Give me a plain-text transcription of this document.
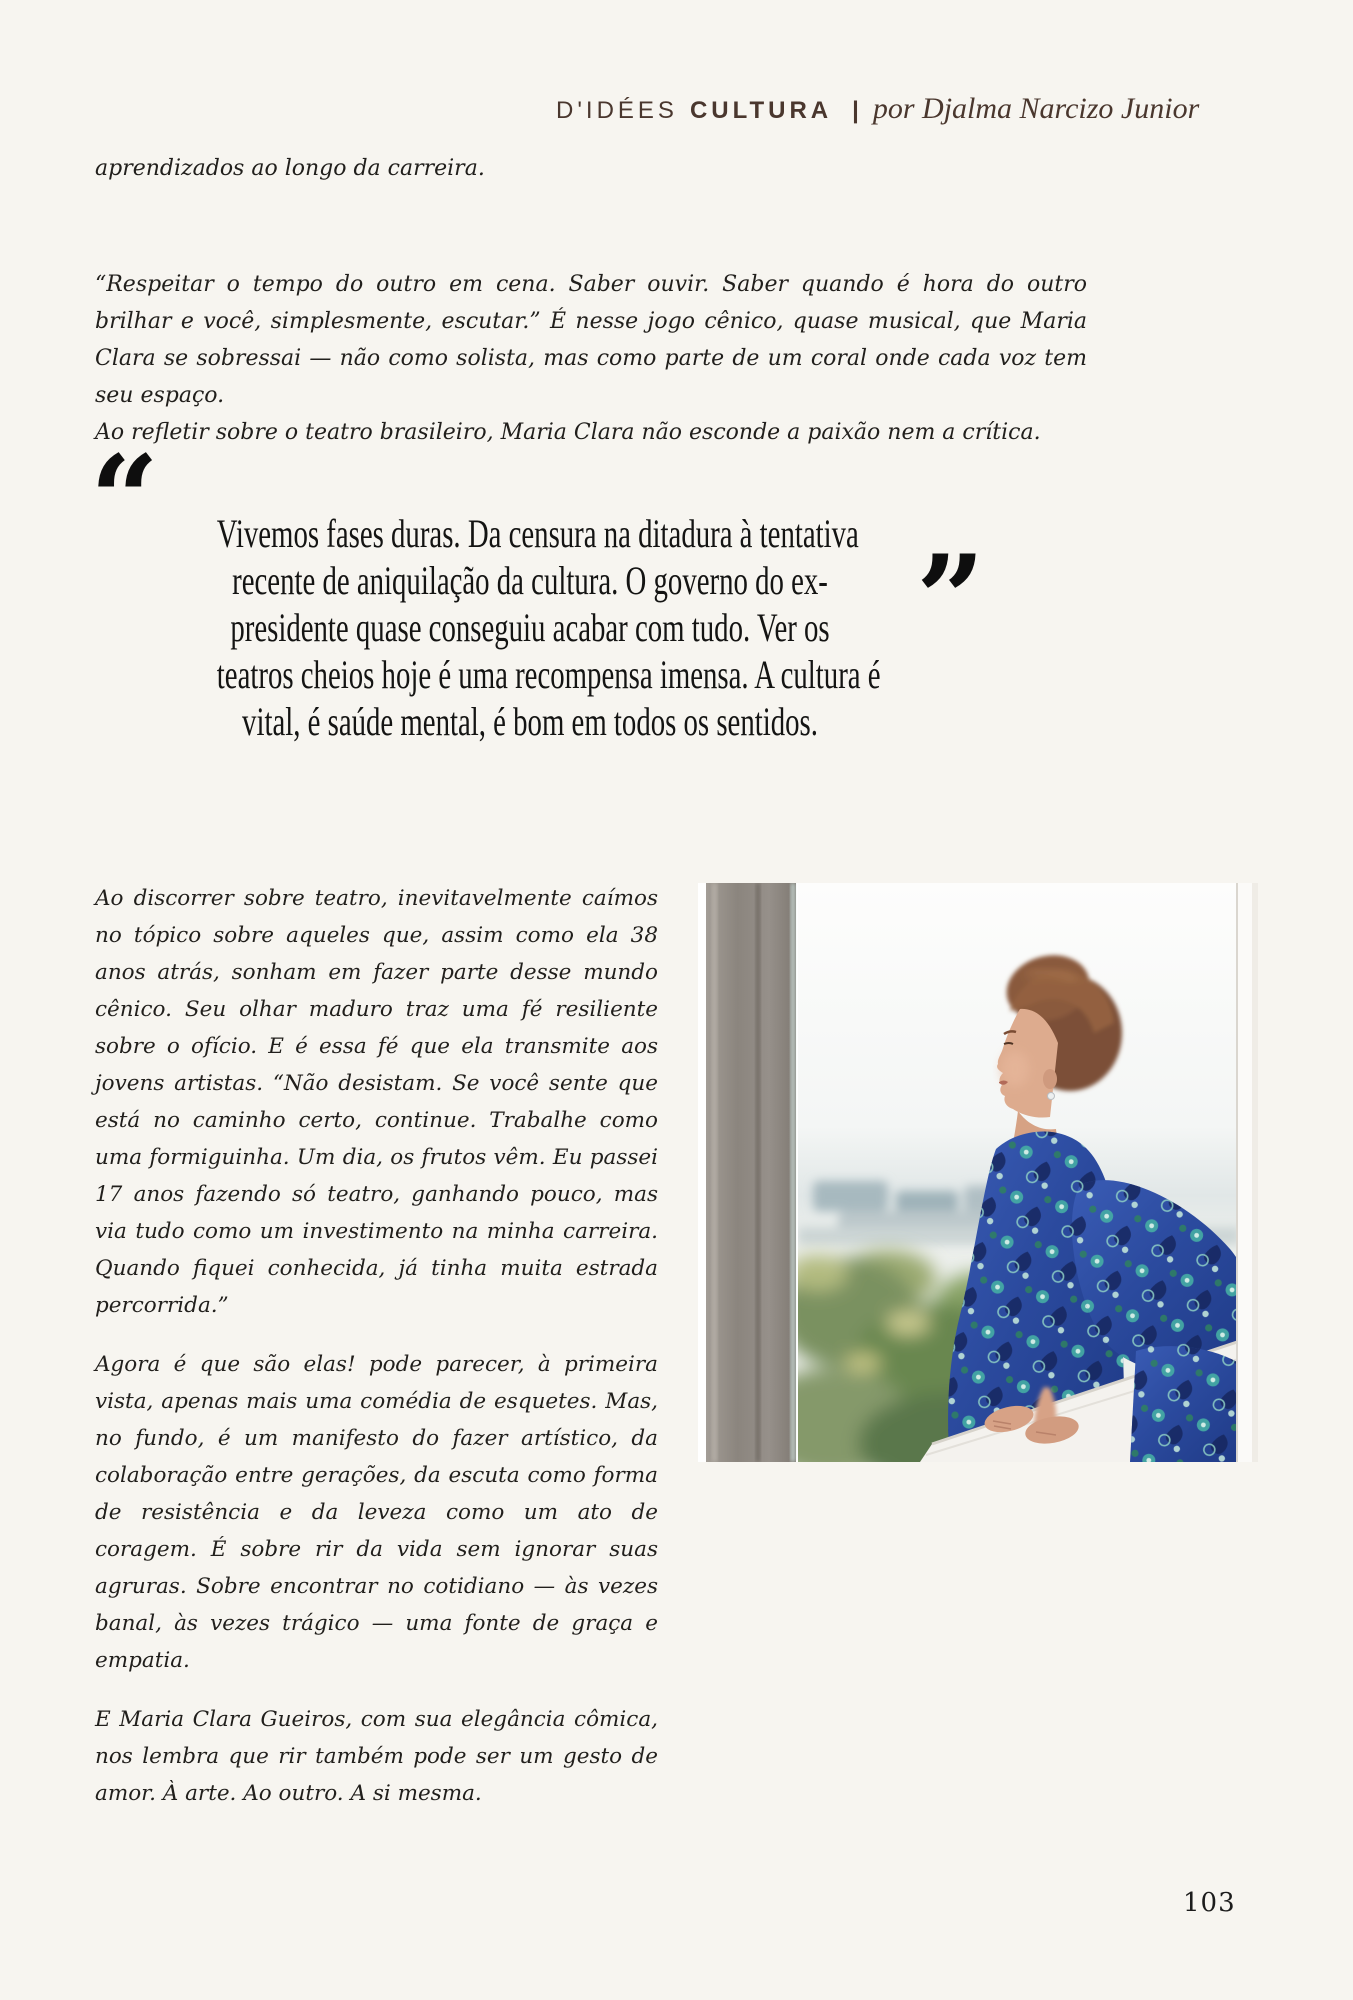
D'IDÉES CULTURA | por Djalma Narcizo Junior
aprendizados ao longo da carreira.
“Respeitar o tempo do outro em cena. Saber ouvir. Saber quando é hora do outro brilhar e você, simplesmente, escutar.” É nesse jogo cênico, quase musical, que Maria Clara se sobressai — não como solista, mas como parte de um coral onde cada voz tem seu espaço.
Ao refletir sobre o teatro brasileiro, Maria Clara não esconde a paixão nem a crítica.
“ Vivemos fases duras. Da censura na ditadura à tentativa
recente de aniquilação da cultura. O governo do ex-
presidente quase conseguiu acabar com tudo. Ver os
teatros cheios hoje é uma recompensa imensa. A cultura é
vital, é saúde mental, é bom em todos os sentidos.
”

Ao discorrer sobre teatro, inevitavelmente caímos no tópico sobre aqueles que, assim como ela 38 anos atrás, sonham em fazer parte desse mundo cênico. Seu olhar maduro traz uma fé resiliente sobre o ofício. E é essa fé que ela transmite aos jovens artistas. “Não desistam. Se você sente que está no caminho certo, continue. Trabalhe como uma formiguinha. Um dia, os frutos vêm. Eu passei 17 anos fazendo só teatro, ganhando pouco, mas via tudo como um investimento na minha carreira. Quando fiquei conhecida, já tinha muita estrada percorrida.”

Agora é que são elas! pode parecer, à primeira vista, apenas mais uma comédia de esquetes. Mas, no fundo, é um manifesto do fazer artístico, da colaboração entre gerações, da escuta como forma de resistência e da leveza como um ato de coragem. É sobre rir da vida sem ignorar suas agruras. Sobre encontrar no cotidiano — às vezes banal, às vezes trágico — uma fonte de graça e empatia.

E Maria Clara Gueiros, com sua elegância cômica, nos lembra que rir também pode ser um gesto de amor. À arte. Ao outro. A si mesma.

103
